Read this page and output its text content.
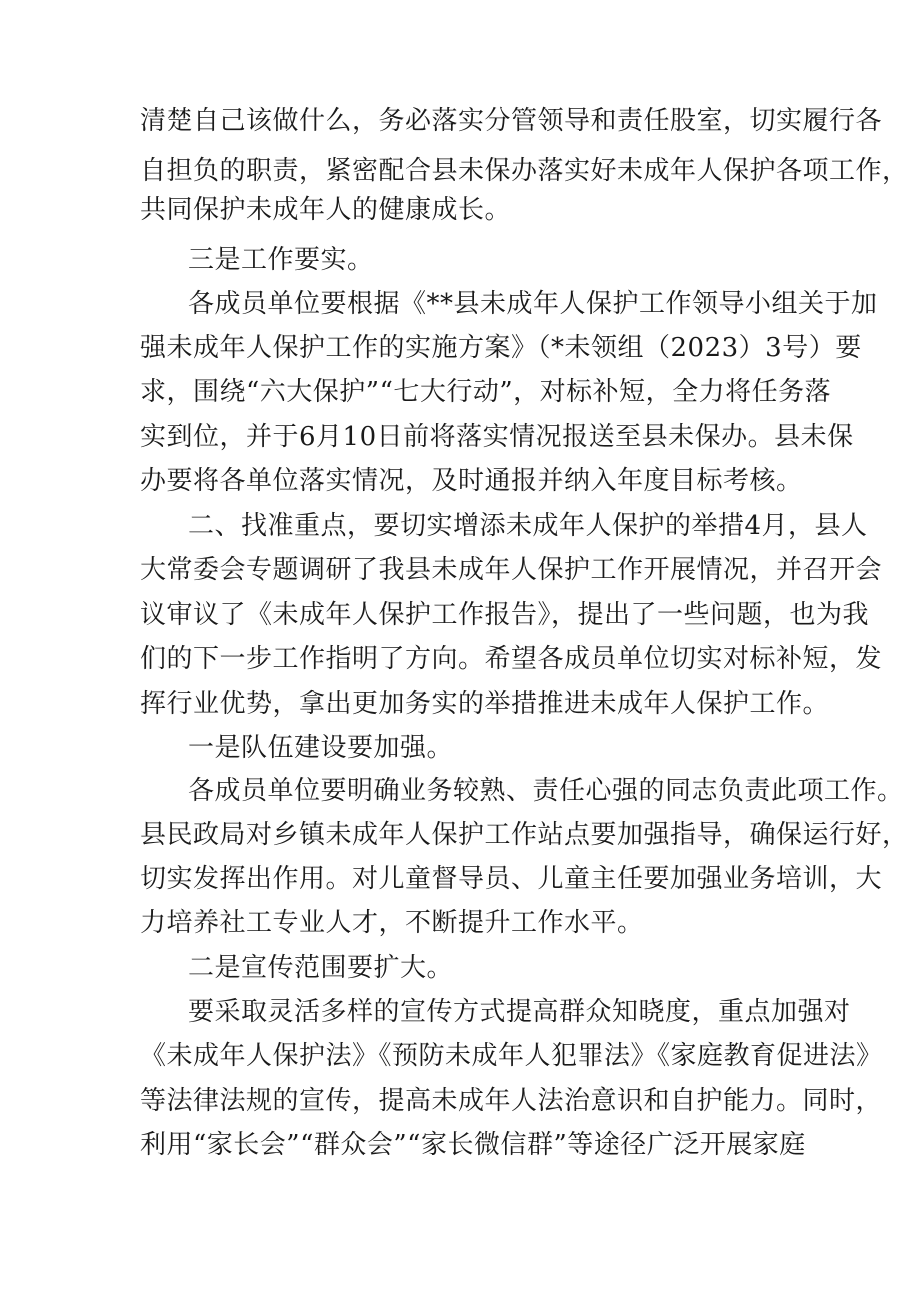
清楚自己该做什么，务必落实分管领导和责任股室，切实履行各
自担负的职责，紧密配合县未保办落实好未成年人保护各项工作，
共同保护未成年人的健康成长。
三是工作要实。
各成员单位要根据《**县未成年人保护工作领导小组关于加
强未成年人保护工作的实施方案》（*未领组（2023）3号）要
求，围绕“六大保护”“七大行动”，对标补短，全力将任务落
实到位，并于6月10日前将落实情况报送至县未保办。县未保
办要将各单位落实情况，及时通报并纳入年度目标考核。
二、找准重点，要切实增添未成年人保护的举措4月，县人
大常委会专题调研了我县未成年人保护工作开展情况，并召开会
议审议了《未成年人保护工作报告》，提出了一些问题，也为我
们的下一步工作指明了方向。希望各成员单位切实对标补短，发
挥行业优势，拿出更加务实的举措推进未成年人保护工作。
一是队伍建设要加强。
各成员单位要明确业务较熟、责任心强的同志负责此项工作。
县民政局对乡镇未成年人保护工作站点要加强指导，确保运行好，
切实发挥出作用。对儿童督导员、儿童主任要加强业务培训，大
力培养社工专业人才，不断提升工作水平。
二是宣传范围要扩大。
要采取灵活多样的宣传方式提高群众知晓度，重点加强对
《未成年人保护法》《预防未成年人犯罪法》《家庭教育促进法》
等法律法规的宣传，提高未成年人法治意识和自护能力。同时，
利用“家长会”“群众会”“家长微信群”等途径广泛开展家庭
